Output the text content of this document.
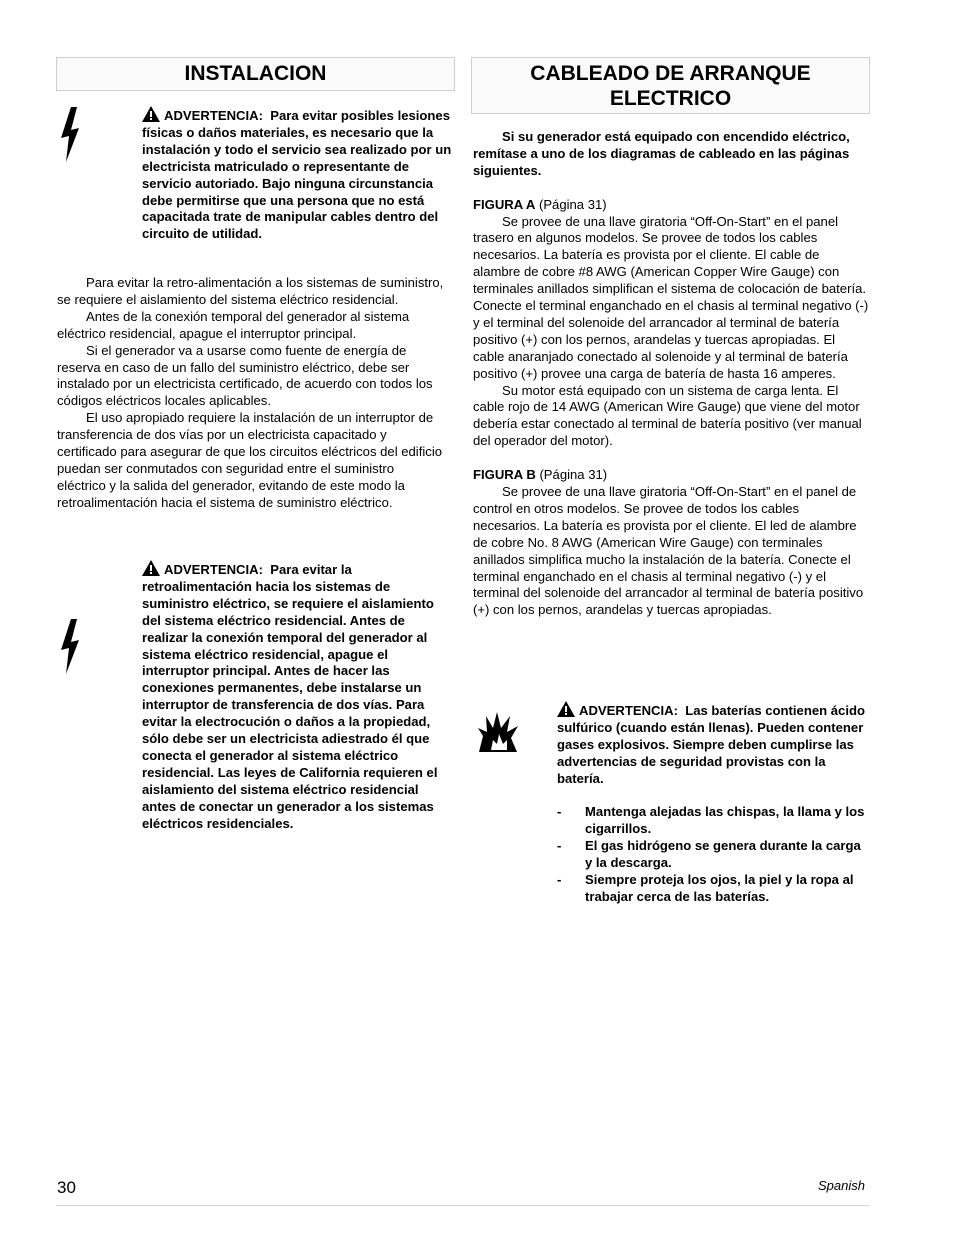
INSTALACION
ADVERTENCIA: Para evitar posibles lesiones físicas o daños materiales, es necesario que la instalación y todo el servicio sea realizado por un electricista matriculado o representante de servicio autoriado. Bajo ninguna circunstancia debe permitirse que una persona que no está capacitada trate de manipular cables dentro del circuito de utilidad.

Para evitar la retro-alimentación a los sistemas de suministro, se requiere el aislamiento del sistema eléctrico residencial.

Antes de la conexión temporal del generador al sistema eléctrico residencial, apague el interruptor principal.

Si el generador va a usarse como fuente de energía de reserva en caso de un fallo del suministro eléctrico, debe ser instalado por un electricista certificado, de acuerdo con todos los códigos eléctricos locales aplicables.

El uso apropiado requiere la instalación de un interruptor de transferencia de dos vías por un electricista capacitado y certificado para asegurar de que los circuitos eléctricos del edificio puedan ser conmutados con seguridad entre el suministro eléctrico y la salida del generador, evitando de este modo la retroalimentación hacia el sistema de suministro eléctrico.

ADVERTENCIA: Para evitar la retroalimentación hacia los sistemas de suministro eléctrico, se requiere el aislamiento del sistema eléctrico residencial. Antes de realizar la conexión temporal del generador al sistema eléctrico residencial, apague el interruptor principal. Antes de hacer las conexiones permanentes, debe instalarse un interruptor de transferencia de dos vías. Para evitar la electrocución o daños a la propiedad, sólo debe ser un electricista adiestrado él que conecta el generador al sistema eléctrico residencial. Las leyes de California requieren el aislamiento del sistema eléctrico residencial antes de conectar un generador a los sistemas eléctricos residenciales.
CABLEADO DE ARRANQUE ELECTRICO

Si su generador está equipado con encendido eléctrico, remítase a uno de los diagramas de cableado en las páginas siguientes.

FIGURA A (Página 31)

Se provee de una llave giratoria “Off-On-Start” en el panel trasero en algunos modelos. Se provee de todos los cables necesarios. La batería es provista por el cliente. El cable de alambre de cobre #8 AWG (American Copper Wire Gauge) con terminales anillados simplifican el sistema de colocación de batería. Conecte el terminal enganchado en el chasis al terminal negativo (-) y el terminal del solenoide del arrancador al terminal de batería positivo (+) con los pernos, arandelas y tuercas apropiadas. El cable anaranjado conectado al solenoide y al terminal de batería positivo (+) provee una carga de batería de hasta 16 amperes.

Su motor está equipado con un sistema de carga lenta. El cable rojo de 14 AWG (American Wire Gauge) que viene del motor debería estar conectado al terminal de batería positivo (ver manual del operador del motor).

FIGURA B (Página 31)

Se provee de una llave giratoria “Off-On-Start” en el panel de control en otros modelos. Se provee de todos los cables necesarios. La batería es provista por el cliente. El led de alambre de cobre No. 8 AWG (American Wire Gauge) con terminales anillados simplifica mucho la instalación de la batería. Conecte el terminal enganchado en el chasis al terminal negativo (-) y el terminal del solenoide del arrancador al terminal de batería positivo (+) con los pernos, arandelas y tuercas apropiadas.

ADVERTENCIA: Las baterías contienen ácido sulfúrico (cuando están llenas). Pueden contener gases explosivos. Siempre deben cumplirse las advertencias de seguridad provistas con la batería.
-	Mantenga alejadas las chispas, la llama y los cigarrillos.
-	El gas hidrógeno se genera durante la carga y la descarga.
-	Siempre proteja los ojos, la piel y la ropa al trabajar cerca de las baterías.
30	Spanish
